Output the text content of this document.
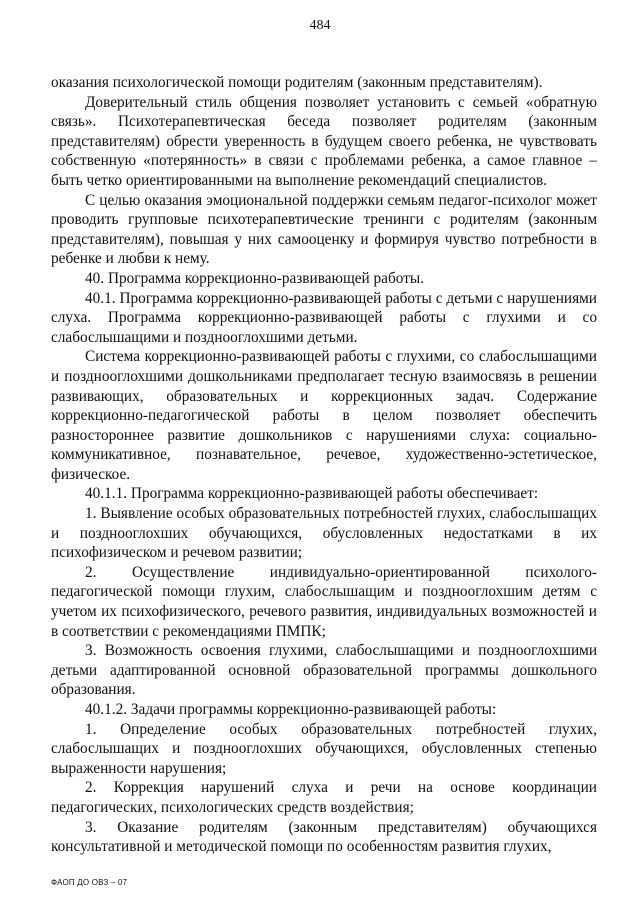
484

оказания психологической помощи родителям (законным представителям).

Доверительный стиль общения позволяет установить с семьей «обратную связь». Психотерапевтическая беседа позволяет родителям (законным представителям) обрести уверенность в будущем своего ребенка, не чувствовать собственную «потерянность» в связи с проблемами ребенка, а самое главное – быть четко ориентированными на выполнение рекомендаций специалистов.

С целью оказания эмоциональной поддержки семьям педагог-психолог может проводить групповые психотерапевтические тренинги с родителям (законным представителям), повышая у них самооценку и формируя чувство потребности в ребенке и любви к нему.

40. Программа коррекционно-развивающей работы.

40.1. Программа коррекционно-развивающей работы с детьми с нарушениями слуха. Программа коррекционно-развивающей работы с глухими и со слабослышащими и позднооглохшими детьми.

Система коррекционно-развивающей работы с глухими, со слабослышащими и позднооглохшими дошкольниками предполагает тесную взаимосвязь в решении развивающих, образовательных и коррекционных задач. Содержание коррекционно-педагогической работы в целом позволяет обеспечить разностороннее развитие дошкольников с нарушениями слуха: социально-коммуникативное, познавательное, речевое, художественно-эстетическое, физическое.

40.1.1. Программа коррекционно-развивающей работы обеспечивает:

1. Выявление особых образовательных потребностей глухих, слабослышащих и позднооглохших обучающихся, обусловленных недостатками в их психофизическом и речевом развитии;

2. Осуществление индивидуально-ориентированной психолого-педагогической помощи глухим, слабослышащим и позднооглохшим детям с учетом их психофизического, речевого развития, индивидуальных возможностей и в соответствии с рекомендациями ПМПК;

3. Возможность освоения глухими, слабослышащими и позднооглохшими детьми адаптированной основной образовательной программы дошкольного образования.

40.1.2. Задачи программы коррекционно-развивающей работы:

1. Определение особых образовательных потребностей глухих, слабослышащих и позднооглохших обучающихся, обусловленных степенью выраженности нарушения;

2. Коррекция нарушений слуха и речи на основе координации педагогических, психологических средств воздействия;

3. Оказание родителям (законным представителям) обучающихся консультативной и методической помощи по особенностям развития глухих,

ФАОП ДО ОВЗ – 07
